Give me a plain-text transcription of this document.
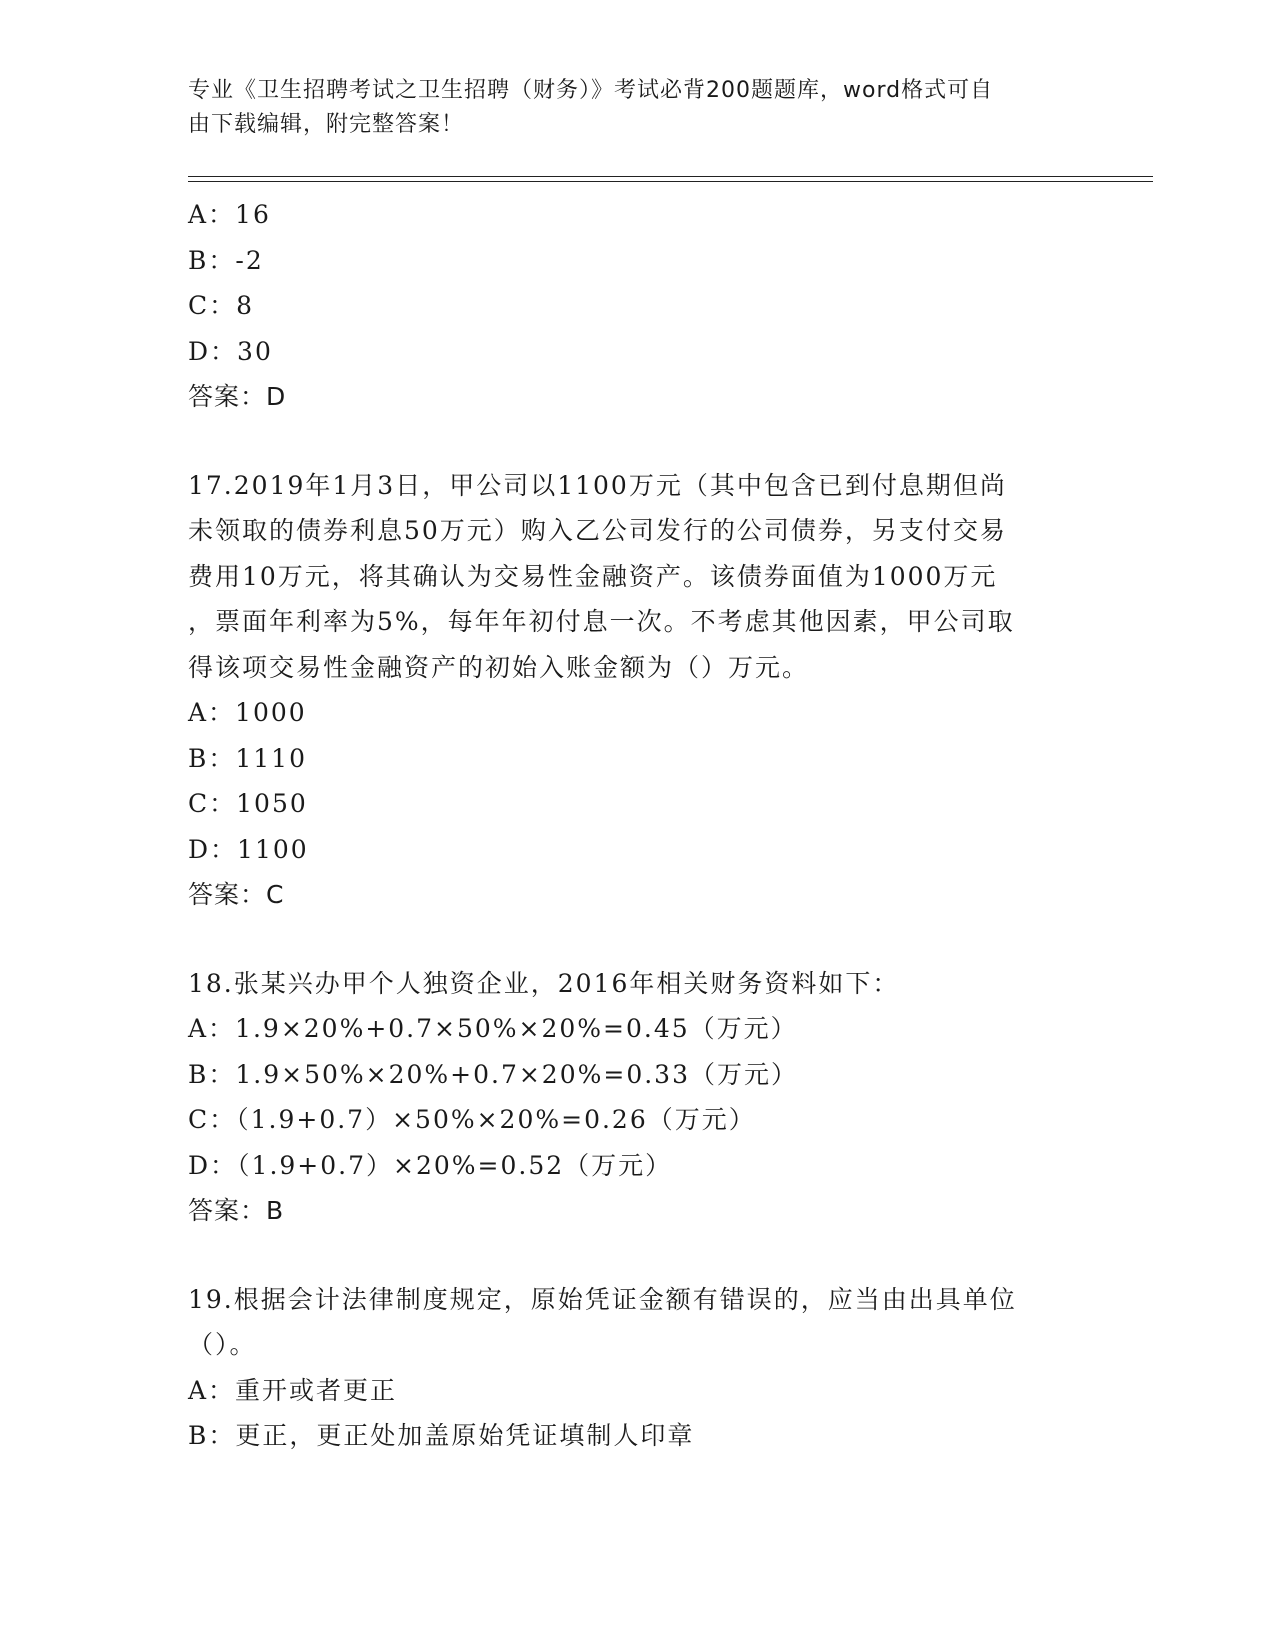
专业《卫生招聘考试之卫生招聘（财务）》考试必背200题题库，word格式可自
由下载编辑，附完整答案！
A：16
B：-2
C：8
D：30
答案：D
17.2019年1月3日，甲公司以1100万元（其中包含已到付息期但尚
未领取的债券利息50万元）购入乙公司发行的公司债券，另支付交易
费用10万元，将其确认为交易性金融资产。该债券面值为1000万元
，票面年利率为5%，每年年初付息一次。不考虑其他因素，甲公司取
得该项交易性金融资产的初始入账金额为（）万元。
A：1000
B：1110
C：1050
D：1100
答案：C
18.张某兴办甲个人独资企业，2016年相关财务资料如下：
A：1.9×20%+0.7×50%×20%=0.45（万元）
B：1.9×50%×20%+0.7×20%=0.33（万元）
C：（1.9+0.7）×50%×20%=0.26（万元）
D：（1.9+0.7）×20%=0.52（万元）
答案：B
19.根据会计法律制度规定，原始凭证金额有错误的，应当由出具单位
（）。
A：重开或者更正
B：更正，更正处加盖原始凭证填制人印章
